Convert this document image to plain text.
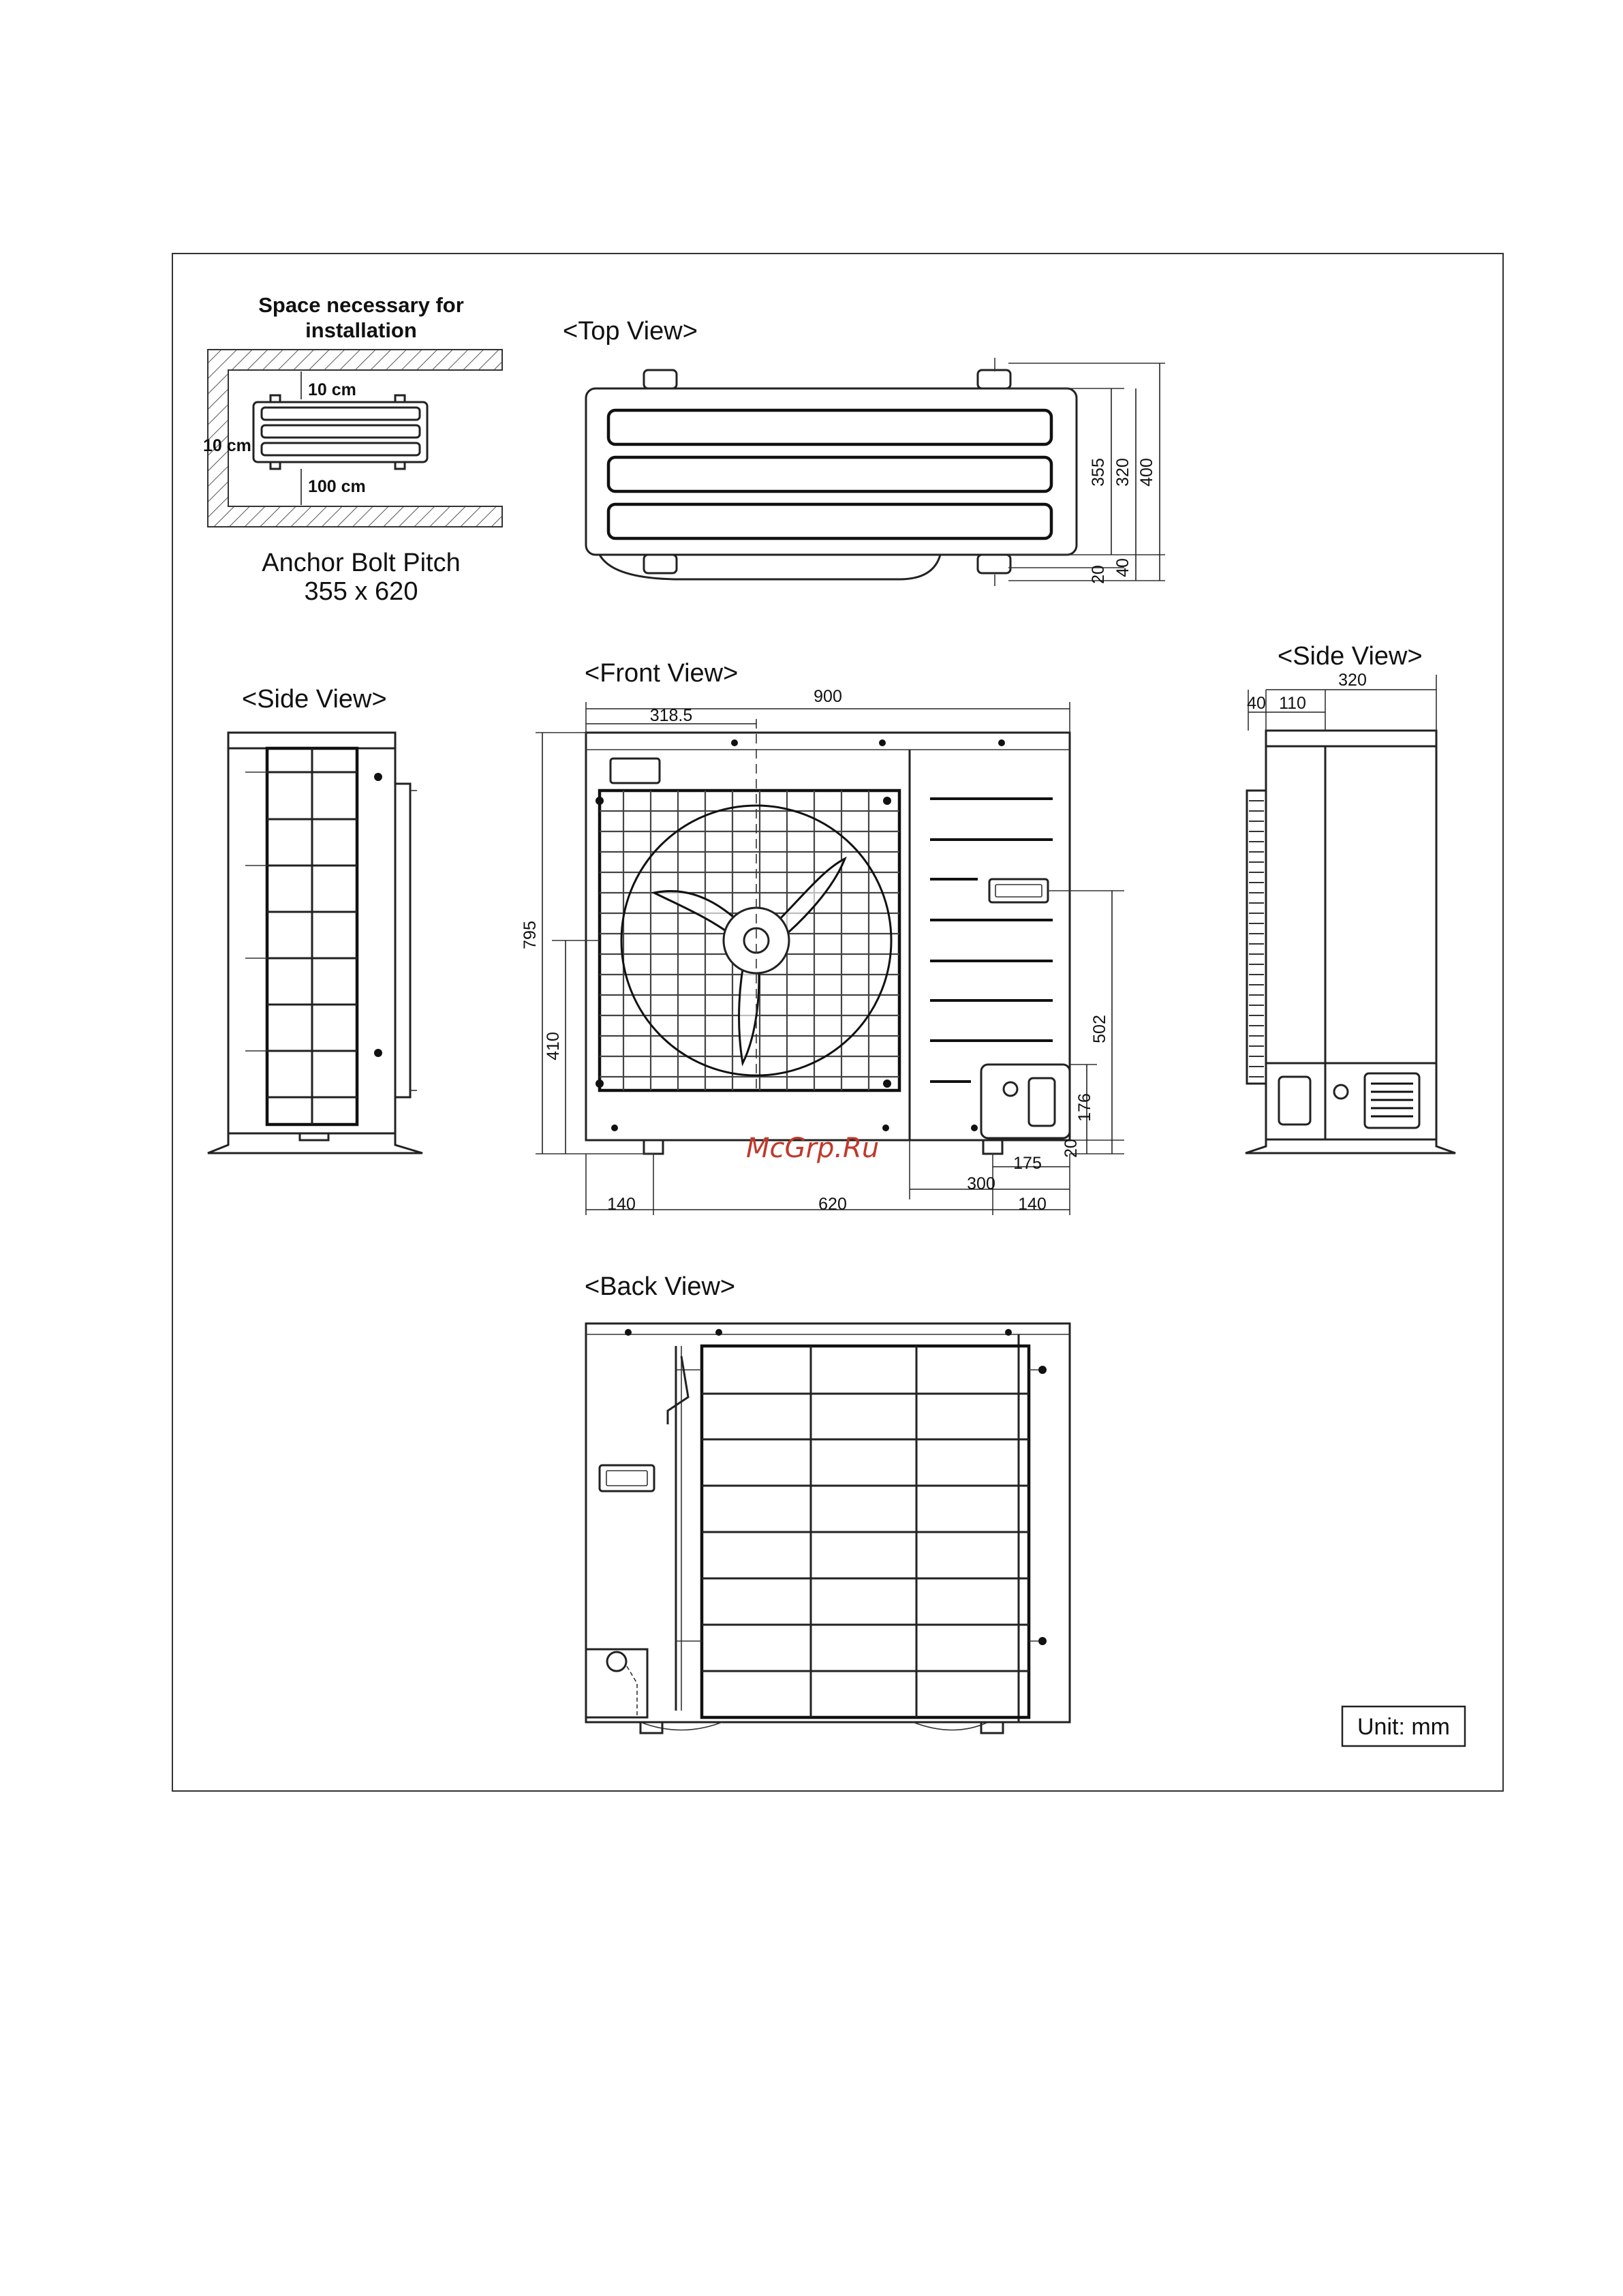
Space necessary for
installation
10 cm
10 cm
100 cm
Anchor Bolt Pitch
355 x 620
<Top View>
355 320 400
40
20
<Side View>
<Front View>
900
318.5
795
410
502
176
20
175
300
140	620	140
McGrp.Ru
<Side View>
320
40 110
<Back View>
Unit: mm
